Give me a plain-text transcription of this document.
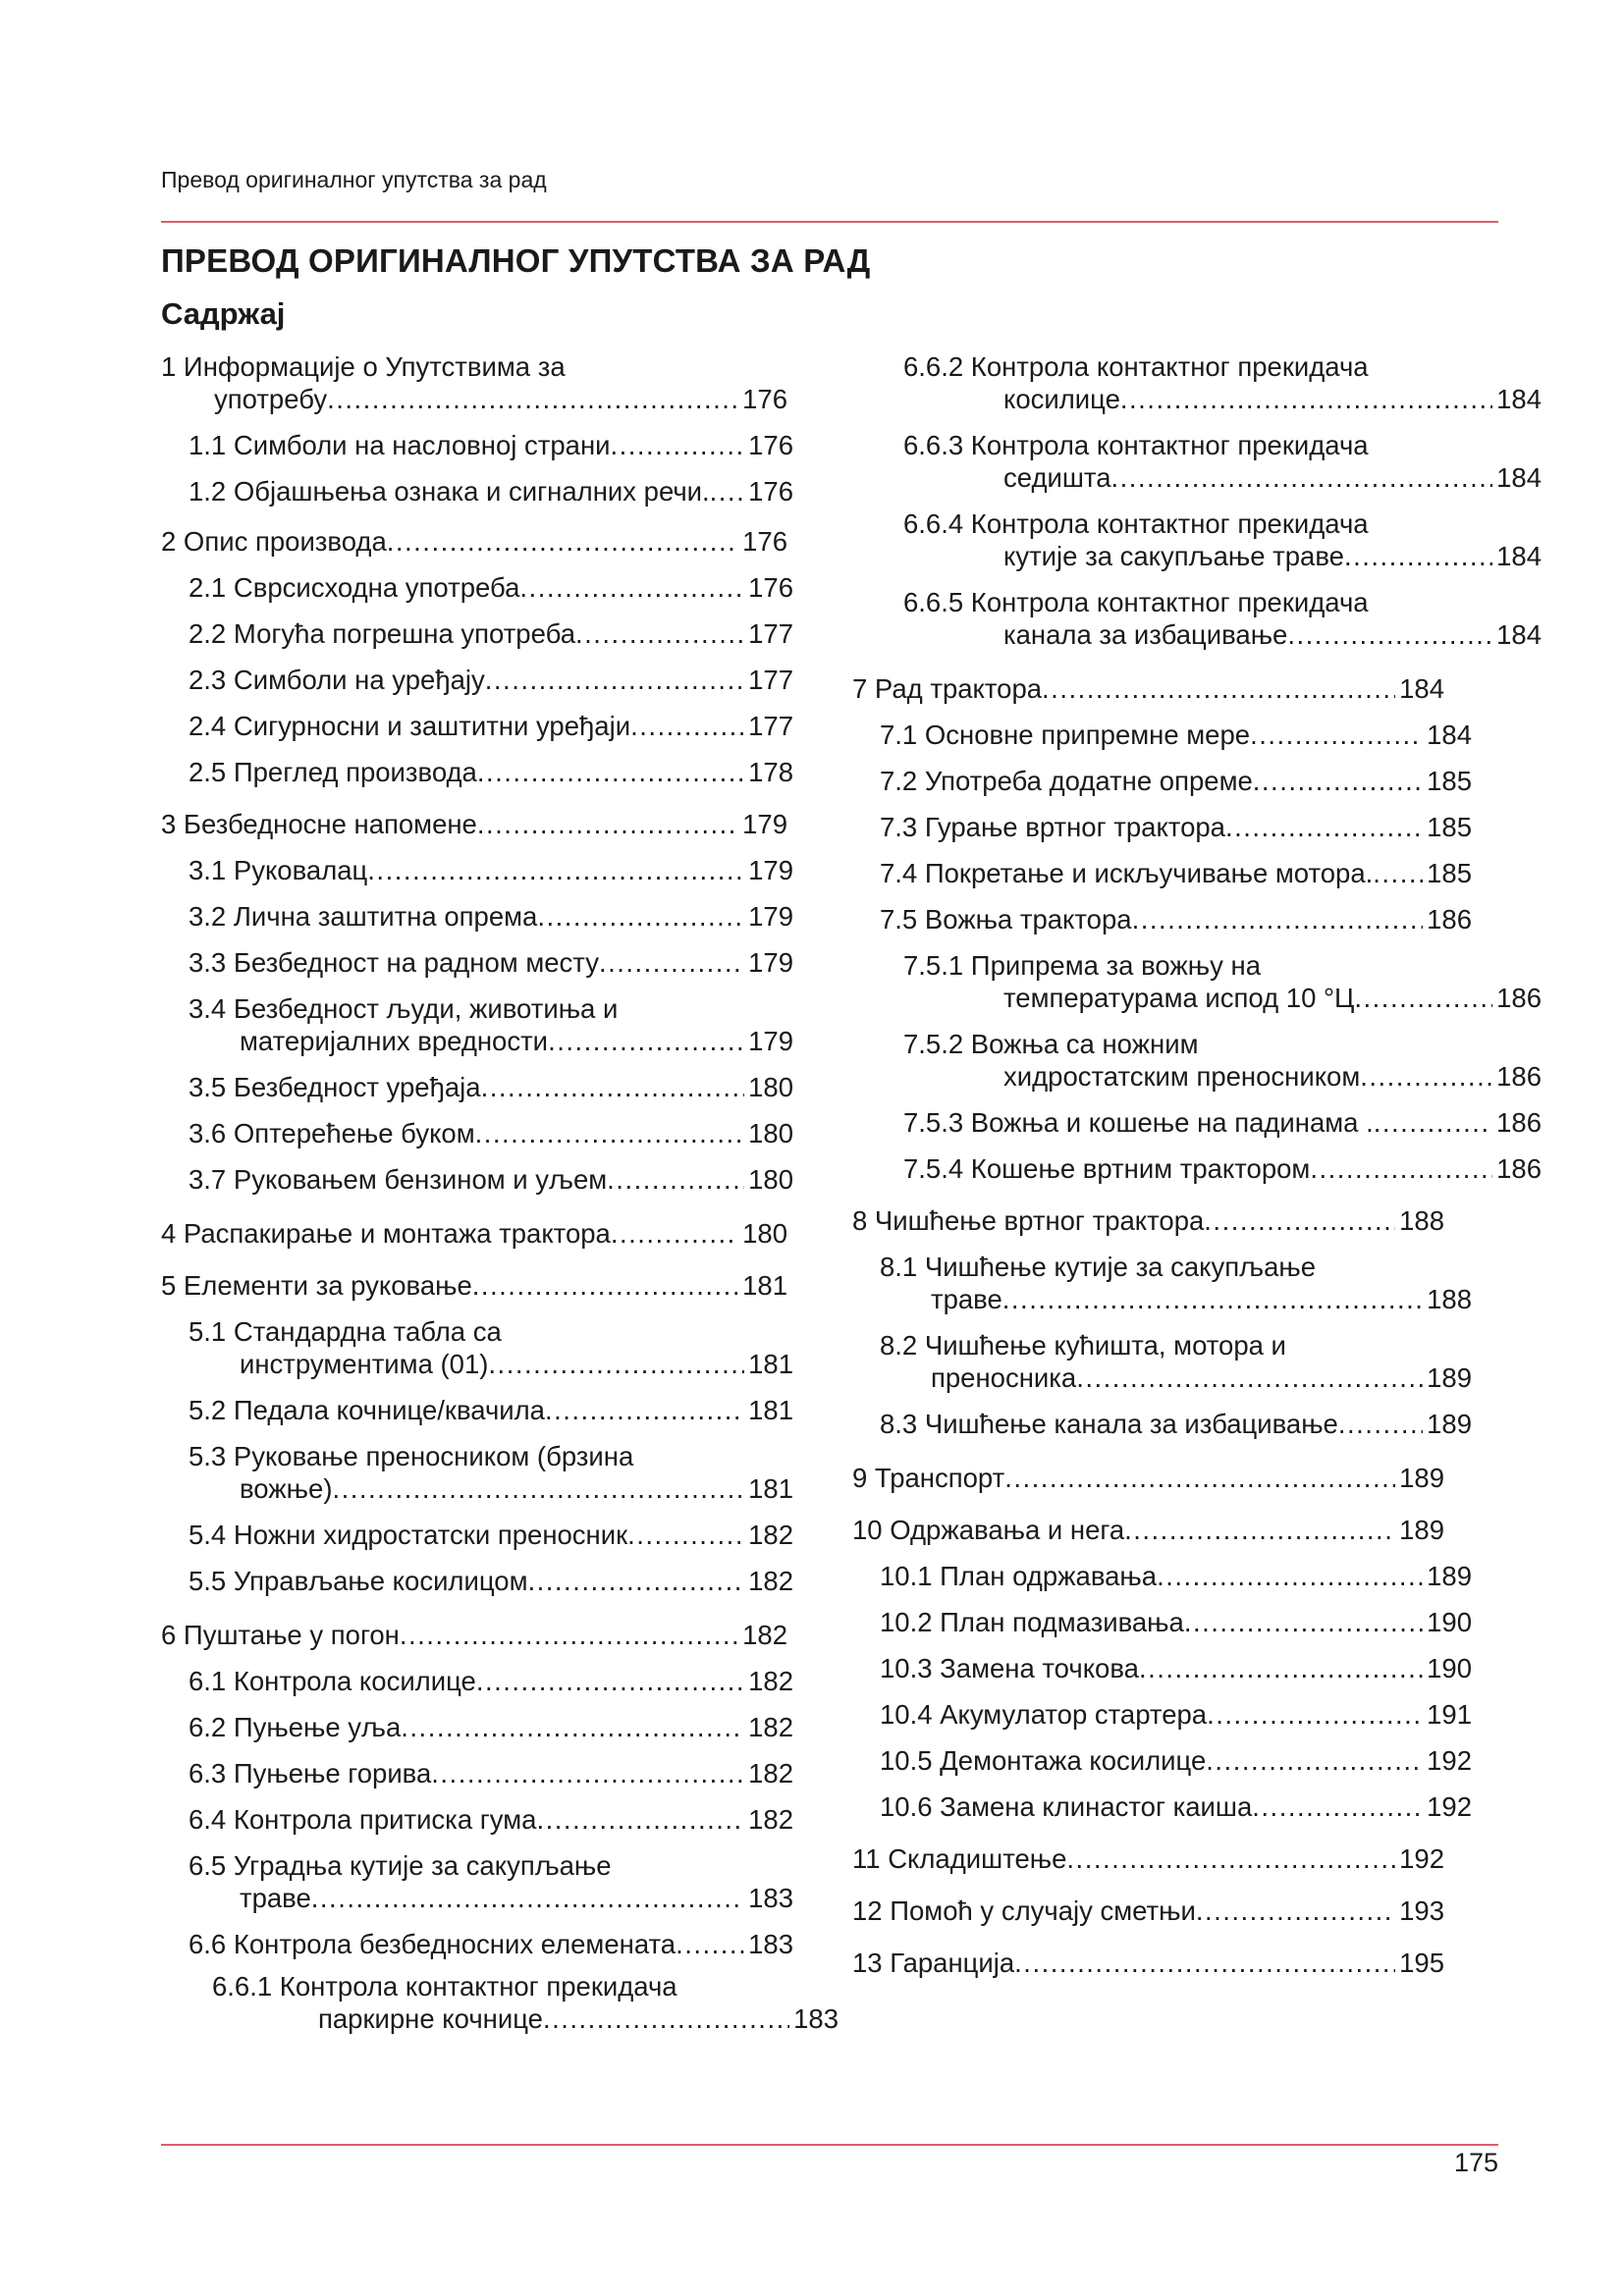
Превод оригиналног упутства за рад
ПРЕВОД ОРИГИНАЛНОГ УПУТСТВА ЗА РАД
Садржај
1 Информације о Упутствима за
употребу .....	176
1.1 Симболи на насловној страни .....	176
1.2 Објашњења ознака и сигналних речи. ..... 176
2 Опис производа .....	176
2.1 Сврсисходна употреба .....	176
2.2 Могућа погрешна употреба .....	177
2.3 Симболи на уређају .....	177
2.4 Сигурносни и заштитни уређаји .....	177
2.5 Преглед производа .....	178
3 Безбедносне напомене .....	179
3.1 Руковалац .....	179
3.2 Лична заштитна опрема .....	179
3.3 Безбедност на радном месту .....	179
3.4 Безбедност људи, животиња и
материјалних вредности .....	179
3.5 Безбедност уређаја .....	180
3.6 Оптерећење буком .....	180
3.7 Руковањем бензином и уљем .....	180
4 Распакирање и монтажа трактора .....	180
5 Елементи за руковање .....	181
5.1 Стандардна табла са
инструментима (01) .....	181
5.2 Педала кочнице/квачила .....	181
5.3 Руковање преносником (брзина
вожње) .....	181
5.4 Ножни хидростатски преносник .....	182
5.5 Управљање косилицом .....	182
6 Пуштање у погон .....	182
6.1 Контрола косилице .....	182
6.2 Пуњење уља .....	182
6.3 Пуњење горива .....	182
6.4 Контрола притиска гума .....	182
6.5 Уградња кутије за сакупљање
траве .....	183
6.6 Контрола безбедносних елемената .....	183
6.6.1 Контрола контактног прекидача
паркирне кочнице .....	183
6.6.2 Контрола контактног прекидача
косилице .....	184
6.6.3 Контрола контактног прекидача
седишта .....	184
6.6.4 Контрола контактног прекидача
кутије за сакупљање траве .....	184
6.6.5 Контрола контактног прекидача
канала за избацивање .....	184
7 Рад трактора .....	184
7.1 Основне припремне мере .....	184
7.2 Употреба додатне опреме .....	185
7.3 Гурање вртног трактора .....	185
7.4 Покретање и искључивање мотора. ..... 185
7.5 Вожња трактора .....	186
7.5.1 Припрема за вожњу на
температурама испод 10 °Ц .....	186
7.5.2 Вожња са ножним
хидростатским преносником .....	186
7.5.3 Вожња и кошење на падинама . .....	186
7.5.4 Кошење вртним трактором .....	186
8 Чишћење вртног трактора .....	188
8.1 Чишћење кутије за сакупљање
траве .....	188
8.2 Чишћење кућишта, мотора и
преносника .....	189
8.3 Чишћење канала за избацивање .....	189
9 Транспорт .....	189
10 Одржавања и нега .....	189
10.1 План одржавања .....	189
10.2 План подмазивања .....	190
10.3 Замена точкова .....	190
10.4 Акумулатор стартера .....	191
10.5 Демонтажа косилице .....	192
10.6 Замена клинастог каиша .....	192
11 Складиштење .....	192
12 Помоћ у случају сметњи .....	193
13 Гаранција .....	195
175
